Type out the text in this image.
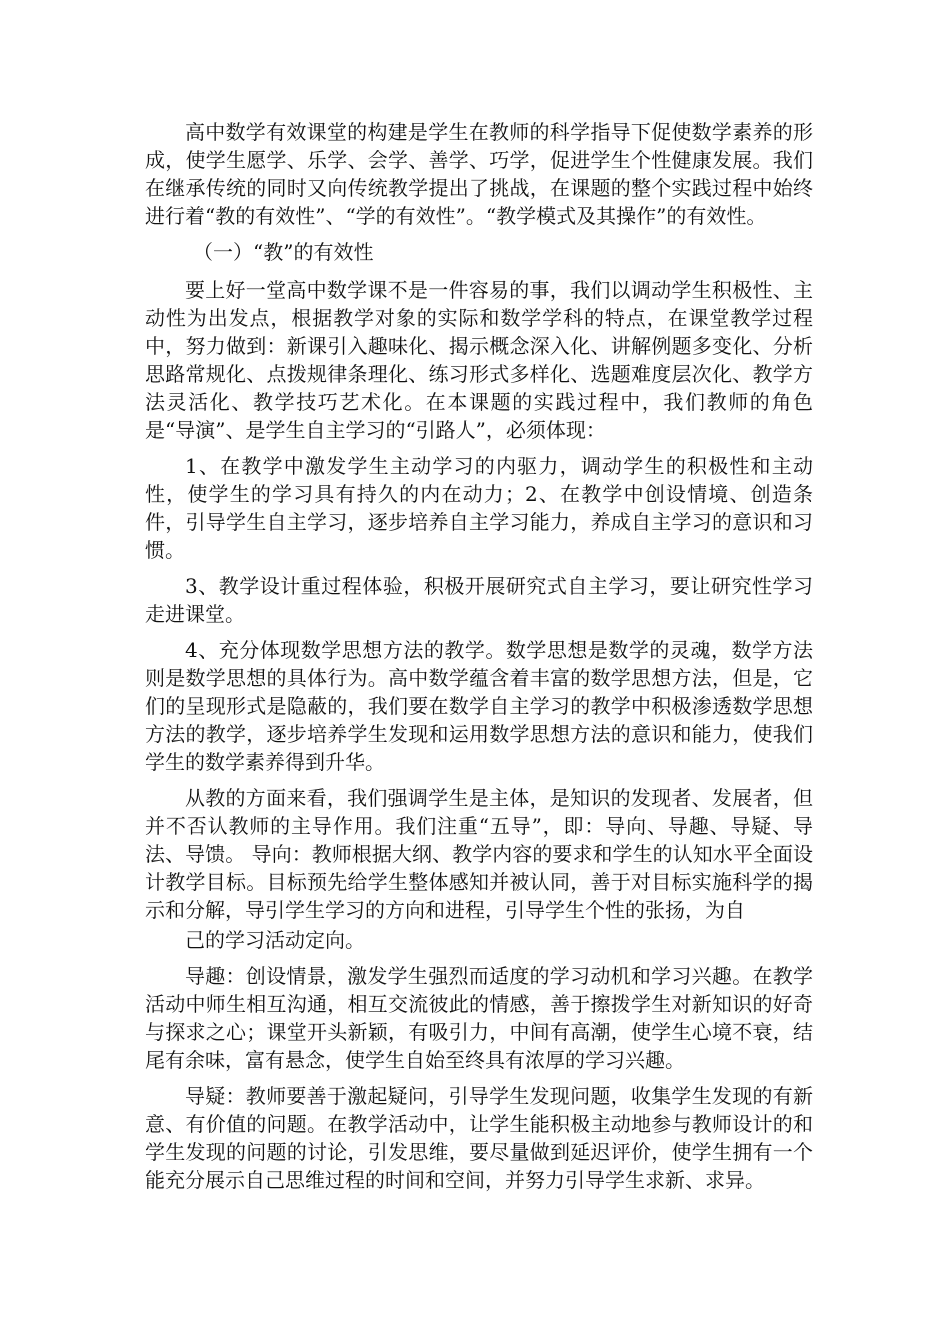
高中数学有效课堂的构建是学生在教师的科学指导下促使数学素养的形成，使学生愿学、乐学、会学、善学、巧学，促进学生个性健康发展。我们在继承传统的同时又向传统教学提出了挑战，在课题的整个实践过程中始终进行着“教的有效性”、“学的有效性”。“教学模式及其操作”的有效性。

（一）“教”的有效性

要上好一堂高中数学课不是一件容易的事，我们以调动学生积极性、主动性为出发点，根据教学对象的实际和数学学科的特点，在课堂教学过程中，努力做到：新课引入趣味化、揭示概念深入化、讲解例题多变化、分析思路常规化、点拨规律条理化、练习形式多样化、选题难度层次化、教学方法灵活化、教学技巧艺术化。在本课题的实践过程中，我们教师的角色是“导演”、是学生自主学习的“引路人”，必须体现：

1、在教学中激发学生主动学习的内驱力，调动学生的积极性和主动性，使学生的学习具有持久的内在动力；2、在教学中创设情境、创造条件，引导学生自主学习，逐步培养自主学习能力，养成自主学习的意识和习惯。

3、教学设计重过程体验，积极开展研究式自主学习，要让研究性学习走进课堂。

4、充分体现数学思想方法的教学。数学思想是数学的灵魂，数学方法则是数学思想的具体行为。高中数学蕴含着丰富的数学思想方法，但是，它们的呈现形式是隐蔽的，我们要在数学自主学习的教学中积极渗透数学思想方法的教学，逐步培养学生发现和运用数学思想方法的意识和能力，使我们学生的数学素养得到升华。

从教的方面来看，我们强调学生是主体，是知识的发现者、发展者，但并不否认教师的主导作用。我们注重“五导”，即：导向、导趣、导疑、导法、导馈。 导向：教师根据大纲、教学内容的要求和学生的认知水平全面设计教学目标。目标预先给学生整体感知并被认同，善于对目标实施科学的揭示和分解，导引学生学习的方向和进程，引导学生个性的张扬，为自

己的学习活动定向。

导趣：创设情景，激发学生强烈而适度的学习动机和学习兴趣。在教学活动中师生相互沟通，相互交流彼此的情感，善于擦拨学生对新知识的好奇与探求之心；课堂开头新颖，有吸引力，中间有高潮，使学生心境不衰，结尾有余味，富有悬念，使学生自始至终具有浓厚的学习兴趣。

导疑：教师要善于激起疑问，引导学生发现问题，收集学生发现的有新意、有价值的问题。在教学活动中，让学生能积极主动地参与教师设计的和学生发现的问题的讨论，引发思维，要尽量做到延迟评价，使学生拥有一个能充分展示自己思维过程的时间和空间，并努力引导学生求新、求异。
